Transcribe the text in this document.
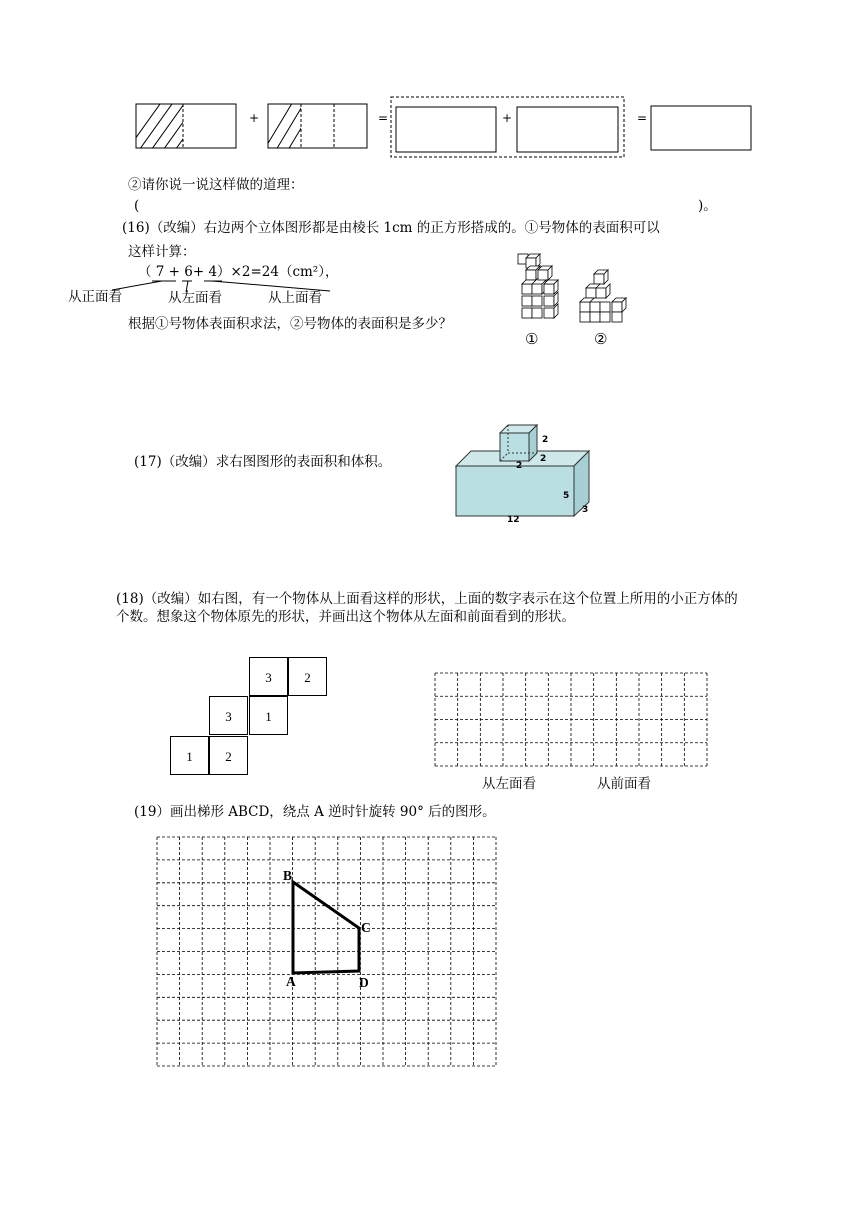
+	=	+	=
②请你说一说这样做的道理：
(	)。
(16)（改编）右边两个立体图形都是由棱长 1cm 的正方形搭成的。①号物体的表面积可以
这样计算：
（ 7 + 6+ 4）×2=24（cm²），
从正面看	从左面看	从上面看
根据①号物体表面积求法，②号物体的表面积是多少？
①	②
(17)（改编）求右图图形的表面积和体积。
2
2
2
5
3
12
(18)（改编）如右图，有一个物体从上面看这样的形状，上面的数字表示在这个位置上所用的小正方体的个数。想象这个物体原先的形状，并画出这个物体从左面和前面看到的形状。
3	2
3	1
1	2
从左面看	从前面看
(19）画出梯形 ABCD，绕点 A 逆时针旋转 90° 后的图形。
B
C
A	D
